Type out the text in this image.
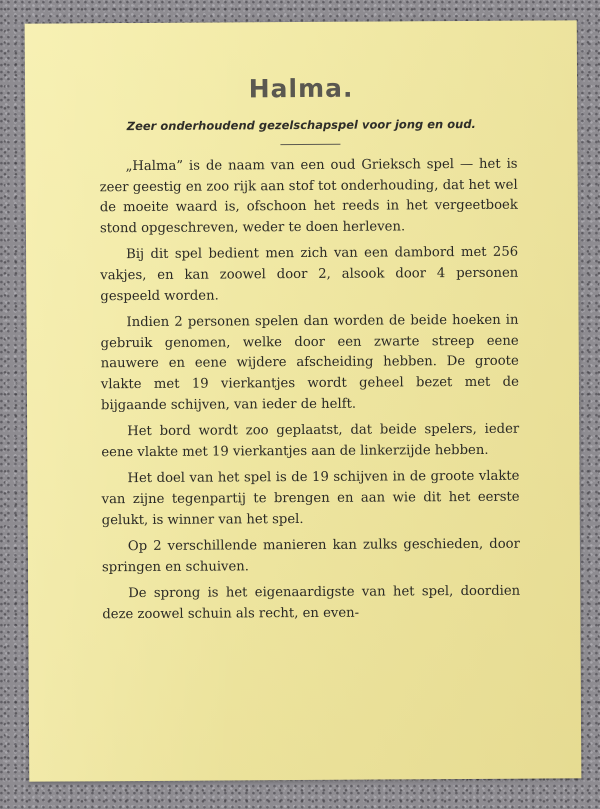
Halma.
Zeer onderhoudend gezelschapspel voor jong en oud.

„Halma” is de naam van een oud Grieksch spel — het is zeer geestig en zoo rijk aan stof tot onderhouding, dat het wel de moeite waard is, ofschoon het reeds in het vergeetboek stond opgeschreven, weder te doen herleven.

Bij dit spel bedient men zich van een dambord met 256 vakjes, en kan zoowel door 2, alsook door 4 personen gespeeld worden.

Indien 2 personen spelen dan worden de beide hoeken in gebruik genomen, welke door een zwarte streep eene nauwere en eene wijdere afscheiding hebben. De groote vlakte met 19 vierkantjes wordt geheel bezet met de bijgaande schijven, van ieder de helft.

Het bord wordt zoo geplaatst, dat beide spelers, ieder eene vlakte met 19 vierkantjes aan de linkerzijde hebben.

Het doel van het spel is de 19 schijven in de groote vlakte van zijne tegenpartij te brengen en aan wie dit het eerste gelukt, is winner van het spel.

Op 2 verschillende manieren kan zulks geschieden, door springen en schuiven.

De sprong is het eigenaardigste van het spel, doordien deze zoowel schuin als recht, en even-
